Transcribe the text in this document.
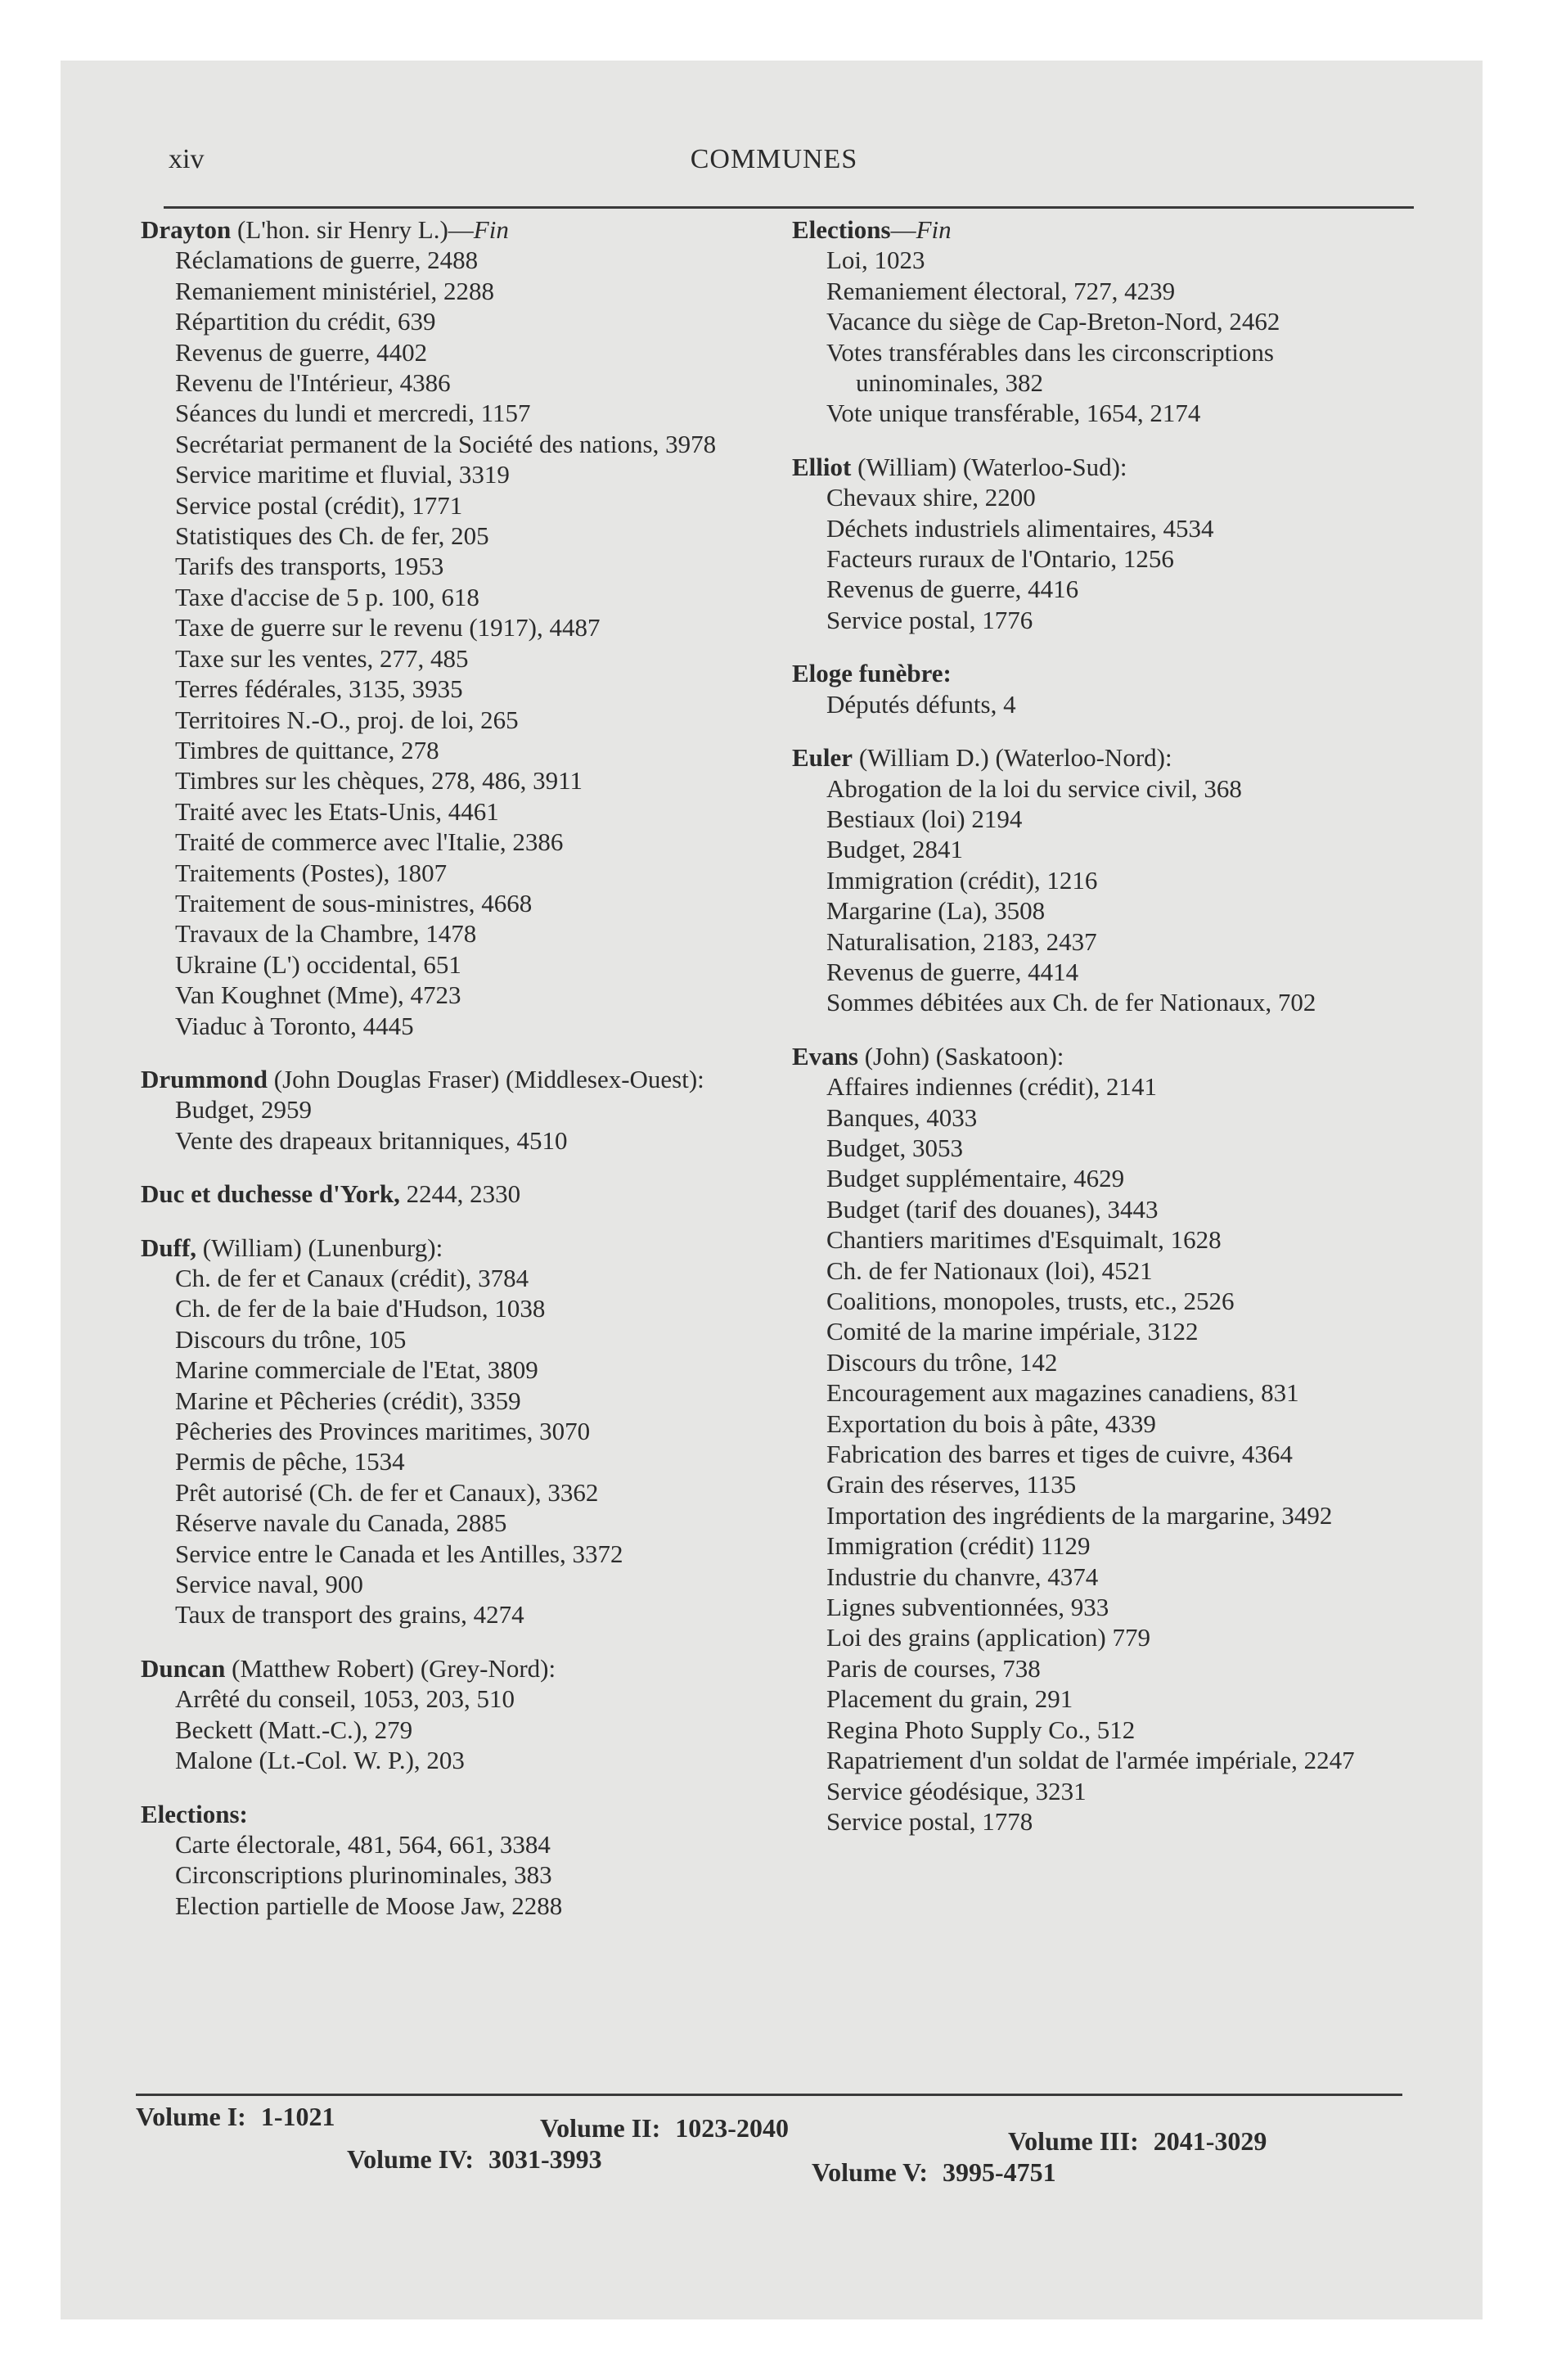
xiv	COMMUNES
Drayton (L'hon. sir Henry L.)—Fin
Réclamations de guerre, 2488
Remaniement ministériel, 2288
Répartition du crédit, 639
Revenus de guerre, 4402
Revenu de l'Intérieur, 4386
Séances du lundi et mercredi, 1157
Secrétariat permanent de la Société des nations, 3978
Service maritime et fluvial, 3319
Service postal (crédit), 1771
Statistiques des Ch. de fer, 205
Tarifs des transports, 1953
Taxe d'accise de 5 p. 100, 618
Taxe de guerre sur le revenu (1917), 4487
Taxe sur les ventes, 277, 485
Terres fédérales, 3135, 3935
Territoires N.-O., proj. de loi, 265
Timbres de quittance, 278
Timbres sur les chèques, 278, 486, 3911
Traité avec les Etats-Unis, 4461
Traité de commerce avec l'Italie, 2386
Traitements (Postes), 1807
Traitement de sous-ministres, 4668
Travaux de la Chambre, 1478
Ukraine (L') occidental, 651
Van Koughnet (Mme), 4723
Viaduc à Toronto, 4445
Drummond (John Douglas Fraser) (Middlesex-Ouest):
Budget, 2959
Vente des drapeaux britanniques, 4510
Duc et duchesse d'York, 2244, 2330
Duff, (William) (Lunenburg):
Ch. de fer et Canaux (crédit), 3784
Ch. de fer de la baie d'Hudson, 1038
Discours du trône, 105
Marine commerciale de l'Etat, 3809
Marine et Pêcheries (crédit), 3359
Pêcheries des Provinces maritimes, 3070
Permis de pêche, 1534
Prêt autorisé (Ch. de fer et Canaux), 3362
Réserve navale du Canada, 2885
Service entre le Canada et les Antilles, 3372
Service naval, 900
Taux de transport des grains, 4274
Duncan (Matthew Robert) (Grey-Nord):
Arrêté du conseil, 1053, 203, 510
Beckett (Matt.-C.), 279
Malone (Lt.-Col. W. P.), 203
Elections:
Carte électorale, 481, 564, 661, 3384
Circonscriptions plurinominales, 383
Election partielle de Moose Jaw, 2288
Elections—Fin
Loi, 1023
Remaniement électoral, 727, 4239
Vacance du siège de Cap-Breton-Nord, 2462
Votes transférables dans les circonscriptions uninominales, 382
Vote unique transférable, 1654, 2174
Elliot (William) (Waterloo-Sud):
Chevaux shire, 2200
Déchets industriels alimentaires, 4534
Facteurs ruraux de l'Ontario, 1256
Revenus de guerre, 4416
Service postal, 1776
Eloge funèbre:
Députés défunts, 4
Euler (William D.) (Waterloo-Nord):
Abrogation de la loi du service civil, 368
Bestiaux (loi) 2194
Budget, 2841
Immigration (crédit), 1216
Margarine (La), 3508
Naturalisation, 2183, 2437
Revenus de guerre, 4414
Sommes débitées aux Ch. de fer Nationaux, 702
Evans (John) (Saskatoon):
Affaires indiennes (crédit), 2141
Banques, 4033
Budget, 3053
Budget supplémentaire, 4629
Budget (tarif des douanes), 3443
Chantiers maritimes d'Esquimalt, 1628
Ch. de fer Nationaux (loi), 4521
Coalitions, monopoles, trusts, etc., 2526
Comité de la marine impériale, 3122
Discours du trône, 142
Encouragement aux magazines canadiens, 831
Exportation du bois à pâte, 4339
Fabrication des barres et tiges de cuivre, 4364
Grain des réserves, 1135
Importation des ingrédients de la margarine, 3492
Immigration (crédit) 1129
Industrie du chanvre, 4374
Lignes subventionnées, 933
Loi des grains (application) 779
Paris de courses, 738
Placement du grain, 291
Regina Photo Supply Co., 512
Rapatriement d'un soldat de l'armée impériale, 2247
Service géodésique, 3231
Service postal, 1778
Volume I: 1-1021	Volume II: 1023-2040	Volume III: 2041-3029
Volume IV: 3031-3993	Volume V: 3995-4751
